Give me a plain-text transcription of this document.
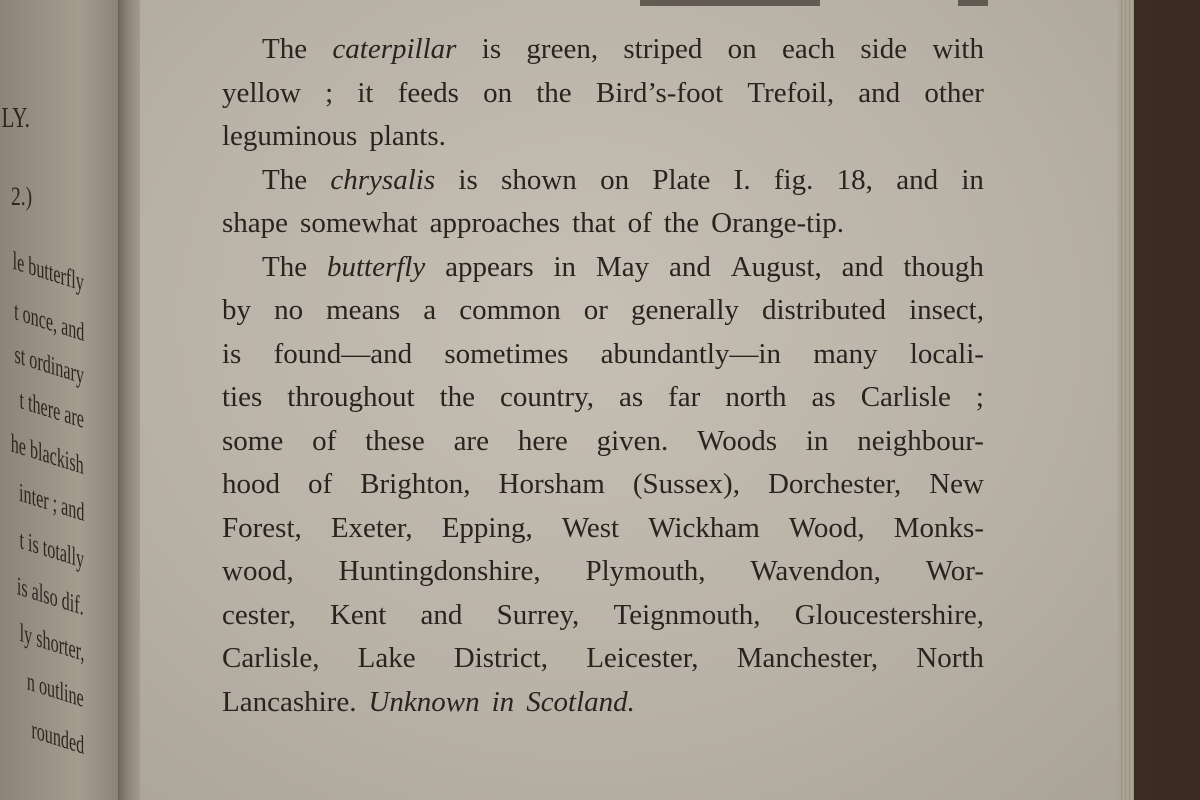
LY.
2.)
le butterfly
t once, and
st ordinary
t there are
he blackish
inter ; and
t is totally
is also dif.
ly shorter,
n outline
rounded
The caterpillar is green, striped on each side with
yellow ; it feeds on the Bird’s-foot Trefoil, and other
leguminous plants.
The chrysalis is shown on Plate I. fig. 18, and in
shape somewhat approaches that of the Orange-tip.
The butterfly appears in May and August, and though
by no means a common or generally distributed insect,
is found—and sometimes abundantly—in many locali-
ties throughout the country, as far north as Carlisle ;
some of these are here given. Woods in neighbour-
hood of Brighton, Horsham (Sussex), Dorchester, New
Forest, Exeter, Epping, West Wickham Wood, Monks-
wood, Huntingdonshire, Plymouth, Wavendon, Wor-
cester, Kent and Surrey, Teignmouth, Gloucestershire,
Carlisle, Lake District, Leicester, Manchester, North
Lancashire. Unknown in Scotland.
